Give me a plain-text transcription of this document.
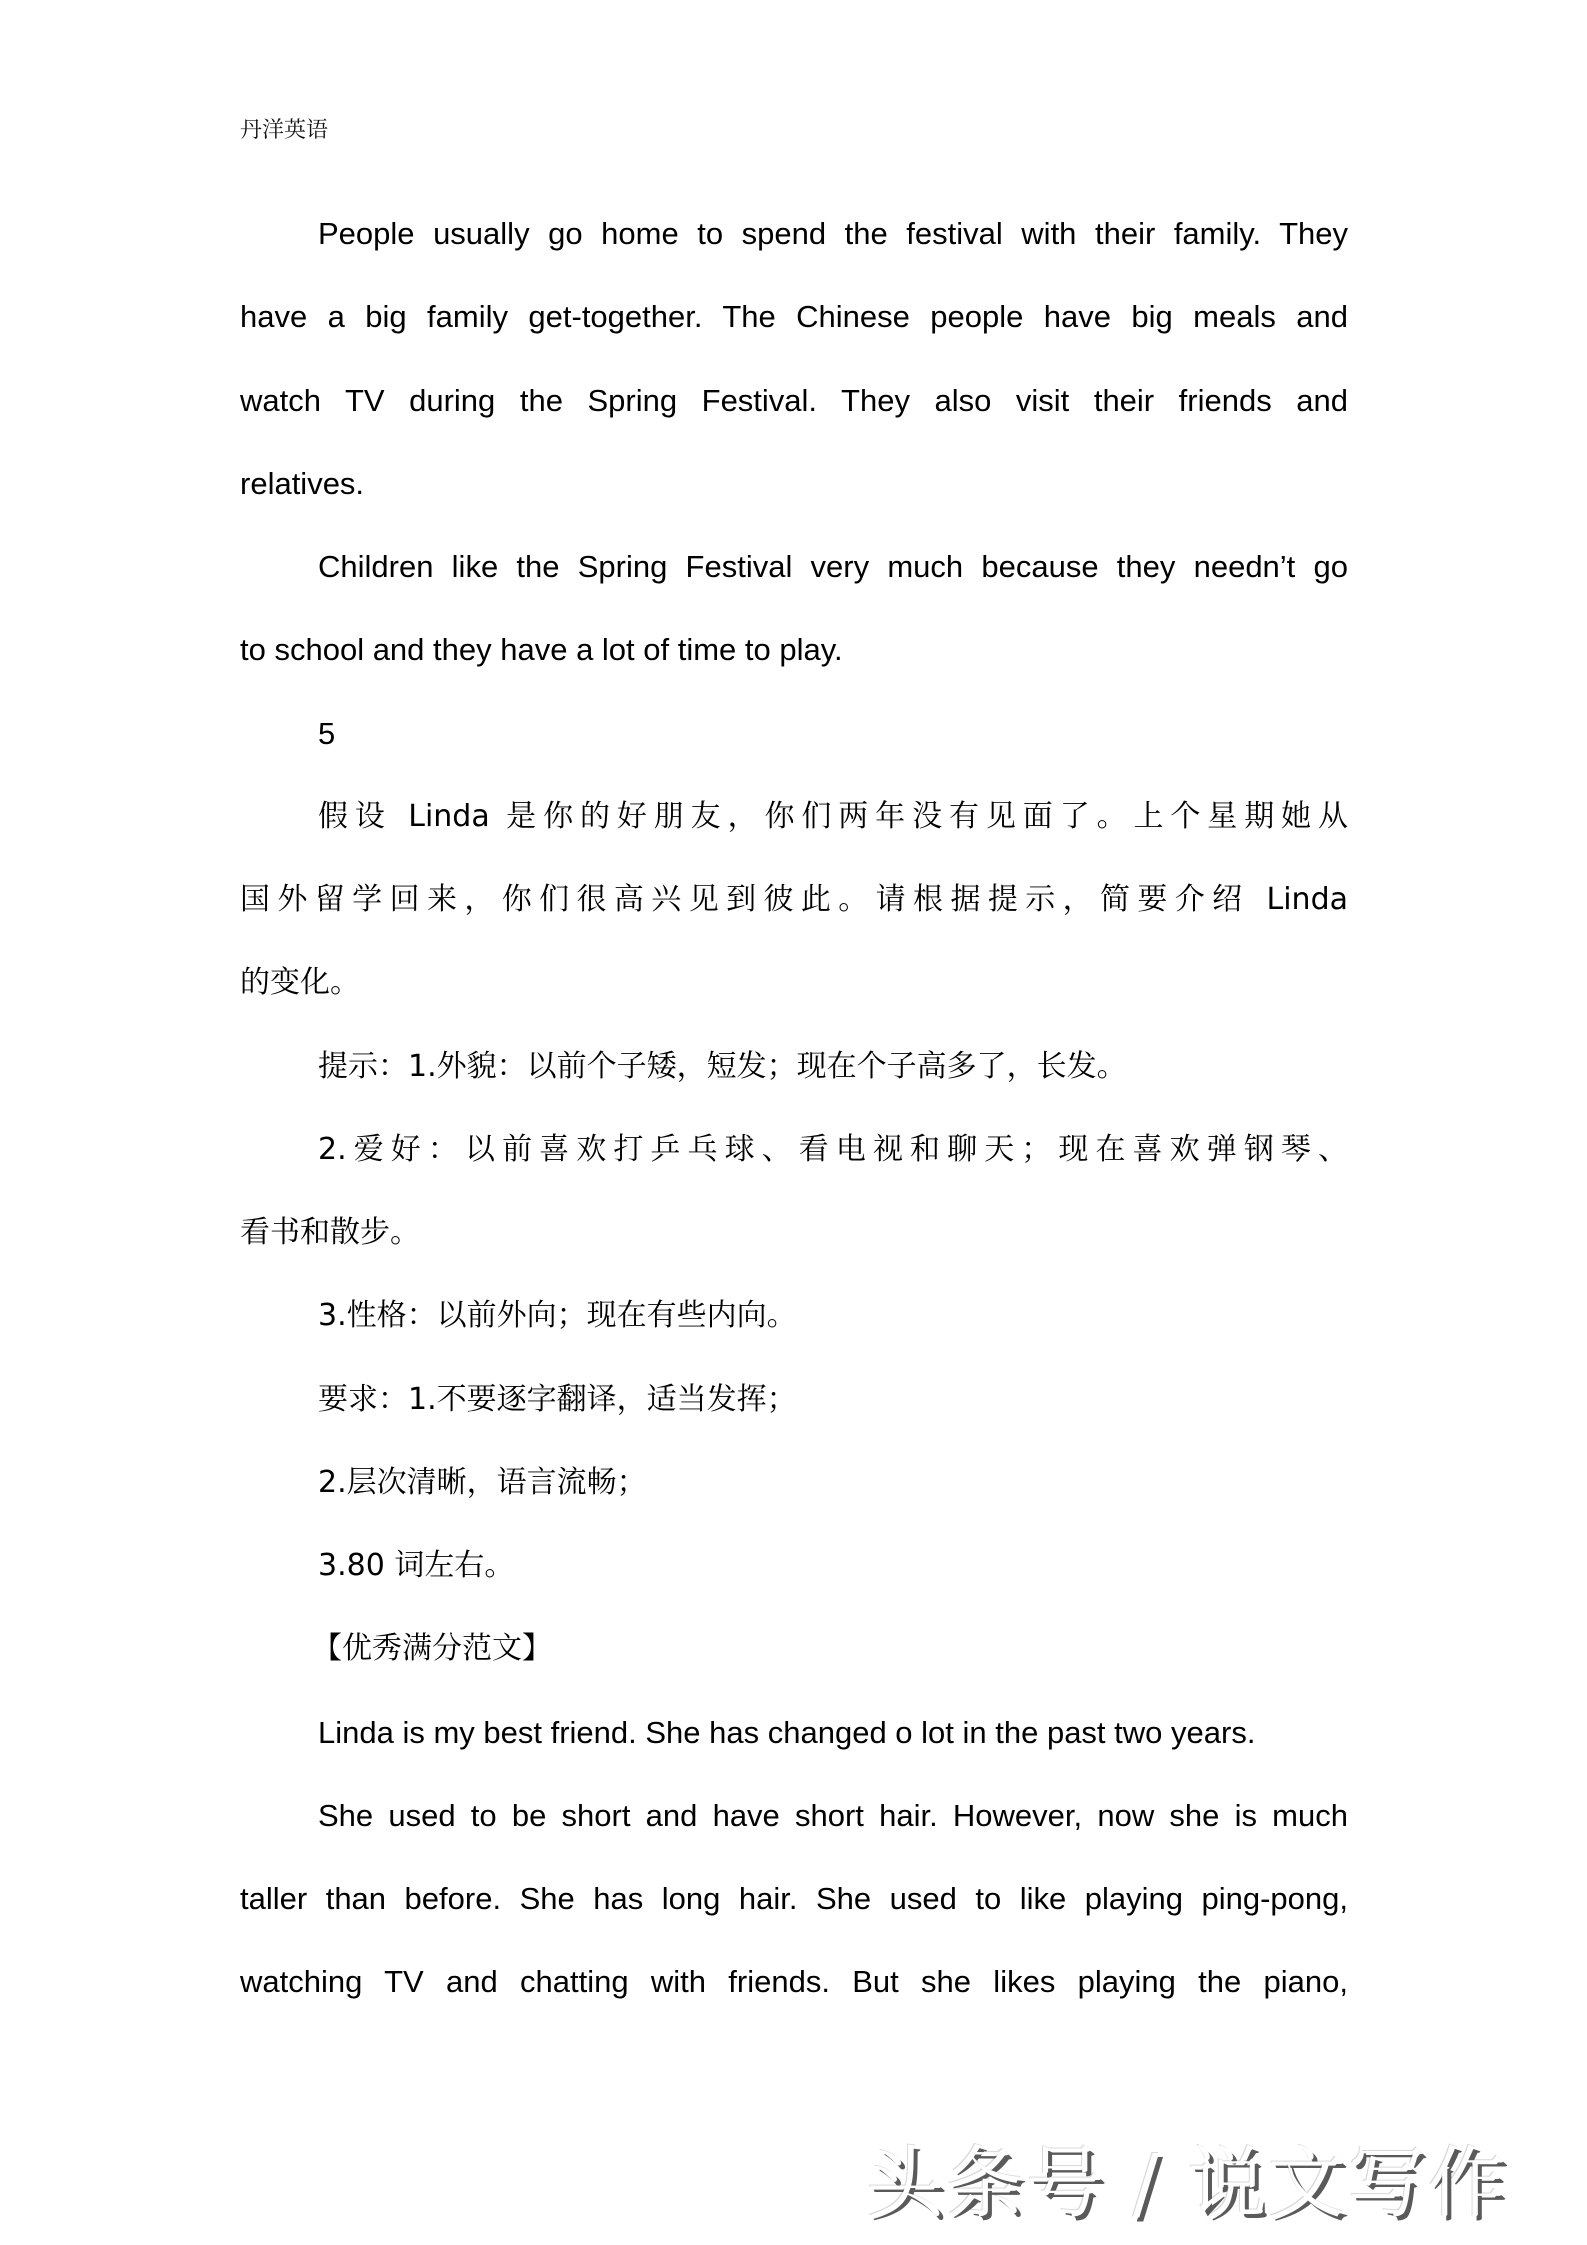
丹洋英语
People usually go home to spend the festival with their family. They
have a big family get-together. The Chinese people have big meals and
watch TV during the Spring Festival. They also visit their friends and
relatives.
Children like the Spring Festival very much because they needn’t go
to school and they have a lot of time to play.
5
假设 Linda 是你的好朋友，你们两年没有见面了。上个星期她从
国外留学回来，你们很高兴见到彼此。请根据提示，简要介绍 Linda
的变化。
提示：1.外貌：以前个子矮，短发；现在个子高多了，长发。
2.爱好：以前喜欢打乒乓球、看电视和聊天；现在喜欢弹钢琴、
看书和散步。
3.性格：以前外向；现在有些内向。
要求：1.不要逐字翻译，适当发挥；
2.层次清晰，语言流畅；
3.80 词左右。
【优秀满分范文】
Linda is my best friend. She has changed o lot in the past two years.
She used to be short and have short hair. However, now she is much
taller than before. She has long hair. She used to like playing ping-pong,
watching TV and chatting with friends. But she likes playing the piano,
头条号 / 说文写作
